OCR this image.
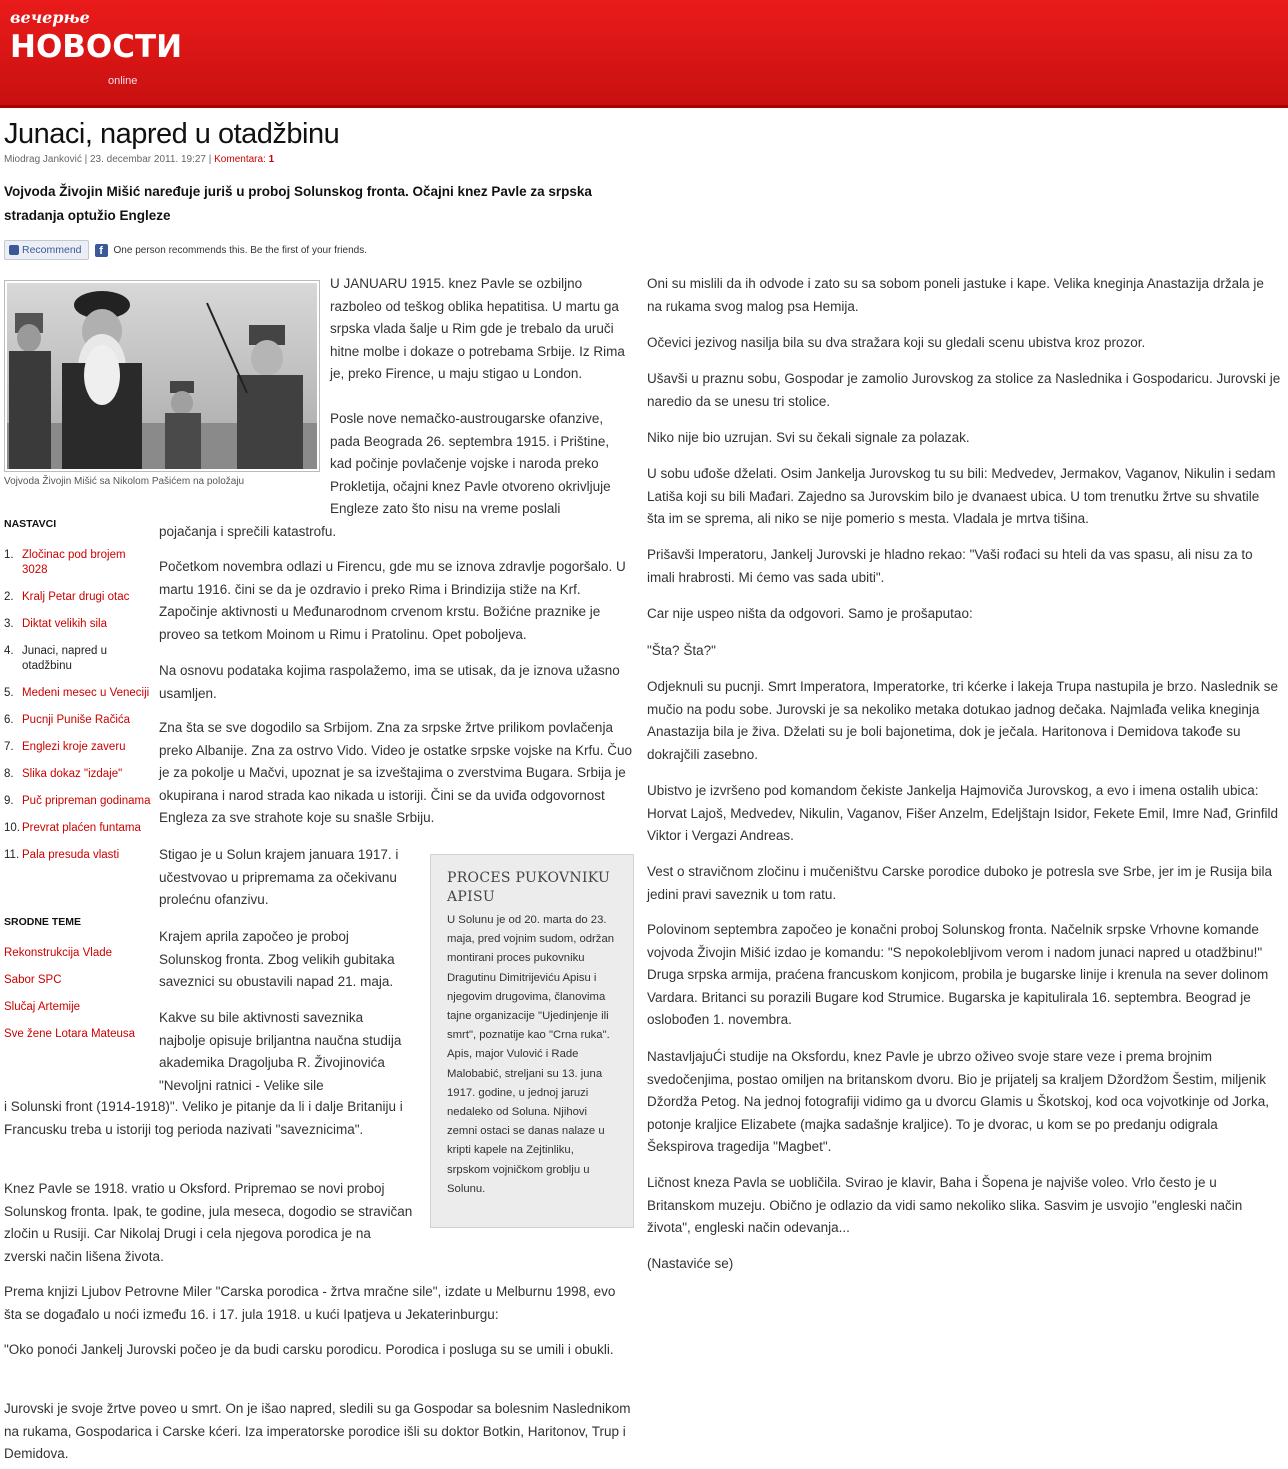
вечерње
НОВОСТИ
online
Junaci, napred u otadžbinu
Miodrag Janković | 23. decembar 2011. 19:27 | Komentara: 1
Vojvoda Živojin Mišić naređuje juriš u proboj Solunskog fronta. Očajni knez Pavle za srpska stradanja optužio Engleze
Recommend	f	One person recommends this. Be the first of your friends.
Vojvoda Živojin Mišić sa Nikolom Pašićem na položaju
NASTAVCI
1. Zločinac pod brojem 3028
2. Kralj Petar drugi otac
3. Diktat velikih sila
4. Junaci, napred u otadžbinu
5. Medeni mesec u Veneciji
6. Pucnji Puniše Račića
7. Englezi kroje zaveru
8. Slika dokaz "izdaje"
9. Puč pripreman godinama
10. Prevrat plaćen funtama
11. Pala presuda vlasti
SRODNE TEME
Rekonstrukcija Vlade
Sabor SPC
Slučaj Artemije
Sve žene Lotara Mateusa

U JANUARU 1915. knez Pavle se ozbiljno razboleo od teškog oblika hepatitisa. U martu ga srpska vlada šalje u Rim gde je trebalo da uruči hitne molbe i dokaze o potrebama Srbije. Iz Rima je, preko Firence, u maju stigao u London.

Posle nove nemačko-austrougarske ofanzive, pada Beograda 26. septembra 1915. i Prištine, kad počinje povlačenje vojske i naroda preko Prokletija, očajni knez Pavle otvoreno okrivljuje Engleze zato što nisu na vreme poslali

pojačanja i sprečili katastrofu.

Početkom novembra odlazi u Firencu, gde mu se iznova zdravlje pogoršalo. U martu 1916. čini se da je ozdravio i preko Rima i Brindizija stiže na Krf. Započinje aktivnosti u Međunarodnom crvenom krstu. Božićne praznike je proveo sa tetkom Moinom u Rimu i Pratolinu. Opet poboljeva.

Na osnovu podataka kojima raspolažemo, ima se utisak, da je iznova užasno usamljen.

Zna šta se sve dogodilo sa Srbijom. Zna za srpske žrtve prilikom povlačenja preko Albanije. Zna za ostrvo Vido. Video je ostatke srpske vojske na Krfu. Čuo je za pokolje u Mačvi, upoznat je sa izveštajima o zverstvima Bugara. Srbija je okupirana i narod strada kao nikada u istoriji. Čini se da uviđa odgovornost Engleza za sve strahote koje su snašle Srbiju.

Stigao je u Solun krajem januara 1917. i učestvovao u pripremama za očekivanu prolećnu ofanzivu.

Krajem aprila započeo je proboj Solunskog fronta. Zbog velikih gubitaka saveznici su obustavili napad 21. maja.

Kakve su bile aktivnosti saveznika najbolje opisuje briljantna naučna studija akademika Dragoljuba R. Živojinovića "Nevoljni ratnici - Velike sile

i Solunski front (1914-1918)". Veliko je pitanje da li i dalje Britaniju i Francusku treba u istoriji tog perioda nazivati "saveznicima".

Knez Pavle se 1918. vratio u Oksford. Pripremao se novi proboj Solunskog fronta. Ipak, te godine, jula meseca, dogodio se stravičan zločin u Rusiji. Car Nikolaj Drugi i cela njegova porodica je na zverski način lišena života.

Prema knjizi Ljubov Petrovne Miler "Carska porodica - žrtva mračne sile", izdate u Melburnu 1998, evo šta se događalo u noći između 16. i 17. jula 1918. u kući Ipatjeva u Jekaterinburgu:

"Oko ponoći Jankelj Jurovski počeo je da budi carsku porodicu. Porodica i posluga su se umili i obukli.

Jurovski je svoje žrtve poveo u smrt. On je išao napred, sledili su ga Gospodar sa bolesnim Naslednikom na rukama, Gospodarica i Carske kćeri. Iza imperatorske porodice išli su doktor Botkin, Haritonov, Trup i Demidova.

PROCES PUKOVNIKU APISU
U Solunu je od 20. marta do 23. maja, pred vojnim sudom, održan montirani proces pukovniku Dragutinu Dimitrijeviću Apisu i njegovim drugovima, članovima tajne organizacije "Ujedinjenje ili smrt", poznatije kao "Crna ruka". Apis, major Vulović i Rade Malobabić, streljani su 13. juna 1917. godine, u jednoj jaruzi nedaleko od Soluna. Njihovi zemni ostaci se danas nalaze u kripti kapele na Zejtinliku, srpskom vojničkom groblju u Solunu.

Oni su mislili da ih odvode i zato su sa sobom poneli jastuke i kape. Velika kneginja Anastazija držala je na rukama svog malog psa Hemija.

Očevici jezivog nasilja bila su dva stražara koji su gledali scenu ubistva kroz prozor.

Ušavši u praznu sobu, Gospodar je zamolio Jurovskog za stolice za Naslednika i Gospodaricu. Jurovski je naredio da se unesu tri stolice.

Niko nije bio uzrujan. Svi su čekali signale za polazak.

U sobu uđoše dželati. Osim Jankelja Jurovskog tu su bili: Medvedev, Jermakov, Vaganov, Nikulin i sedam Latiša koji su bili Mađari. Zajedno sa Jurovskim bilo je dvanaest ubica. U tom trenutku žrtve su shvatile šta im se sprema, ali niko se nije pomerio s mesta. Vladala je mrtva tišina.

Prišavši Imperatoru, Jankelj Jurovski je hladno rekao: "Vaši rođaci su hteli da vas spasu, ali nisu za to imali hrabrosti. Mi ćemo vas sada ubiti".

Car nije uspeo ništa da odgovori. Samo je prošaputao:

"Šta? Šta?"

Odjeknuli su pucnji. Smrt Imperatora, Imperatorke, tri kćerke i lakeja Trupa nastupila je brzo. Naslednik se mučio na podu sobe. Jurovski je sa nekoliko metaka dotukao jadnog dečaka. Najmlađa velika kneginja Anastazija bila je živa. Dželati su je boli bajonetima, dok je ječala. Haritonova i Demidova takođe su dokrajčili zasebno.

Ubistvo je izvršeno pod komandom čekiste Jankelja Hajmoviča Jurovskog, a evo i imena ostalih ubica: Horvat Lajoš, Medvedev, Nikulin, Vaganov, Fišer Anzelm, Edeljštajn Isidor, Fekete Emil, Imre Nađ, Grinfild Viktor i Vergazi Andreas.

Vest o stravičnom zločinu i mučeništvu Carske porodice duboko je potresla sve Srbe, jer im je Rusija bila jedini pravi saveznik u tom ratu.

Polovinom septembra započeo je konačni proboj Solunskog fronta. Načelnik srpske Vrhovne komande vojvoda Živojin Mišić izdao je komandu: "S nepokolebljivom verom i nadom junaci napred u otadžbinu!" Druga srpska armija, praćena francuskom konjicom, probila je bugarske linije i krenula na sever dolinom Vardara. Britanci su porazili Bugare kod Strumice. Bugarska je kapitulirala 16. septembra. Beograd je oslobođen 1. novembra.

NastavljajuĆi studije na Oksfordu, knez Pavle je ubrzo oživeo svoje stare veze i prema brojnim svedočenjima, postao omiljen na britanskom dvoru. Bio je prijatelj sa kraljem Džordžom Šestim, miljenik Džordža Petog. Na jednoj fotografiji vidimo ga u dvorcu Glamis u Škotskoj, kod oca vojvotkinje od Jorka, potonje kraljice Elizabete (majka sadašnje kraljice). To je dvorac, u kom se po predanju odigrala Šekspirova tragedija "Magbet".

Ličnost kneza Pavla se uobličila. Svirao je klavir, Baha i Šopena je najviše voleo. Vrlo često je u Britanskom muzeju. Obično je odlazio da vidi samo nekoliko slika. Sasvim je usvojio "engleski način života", engleski način odevanja...

(Nastaviće se)
